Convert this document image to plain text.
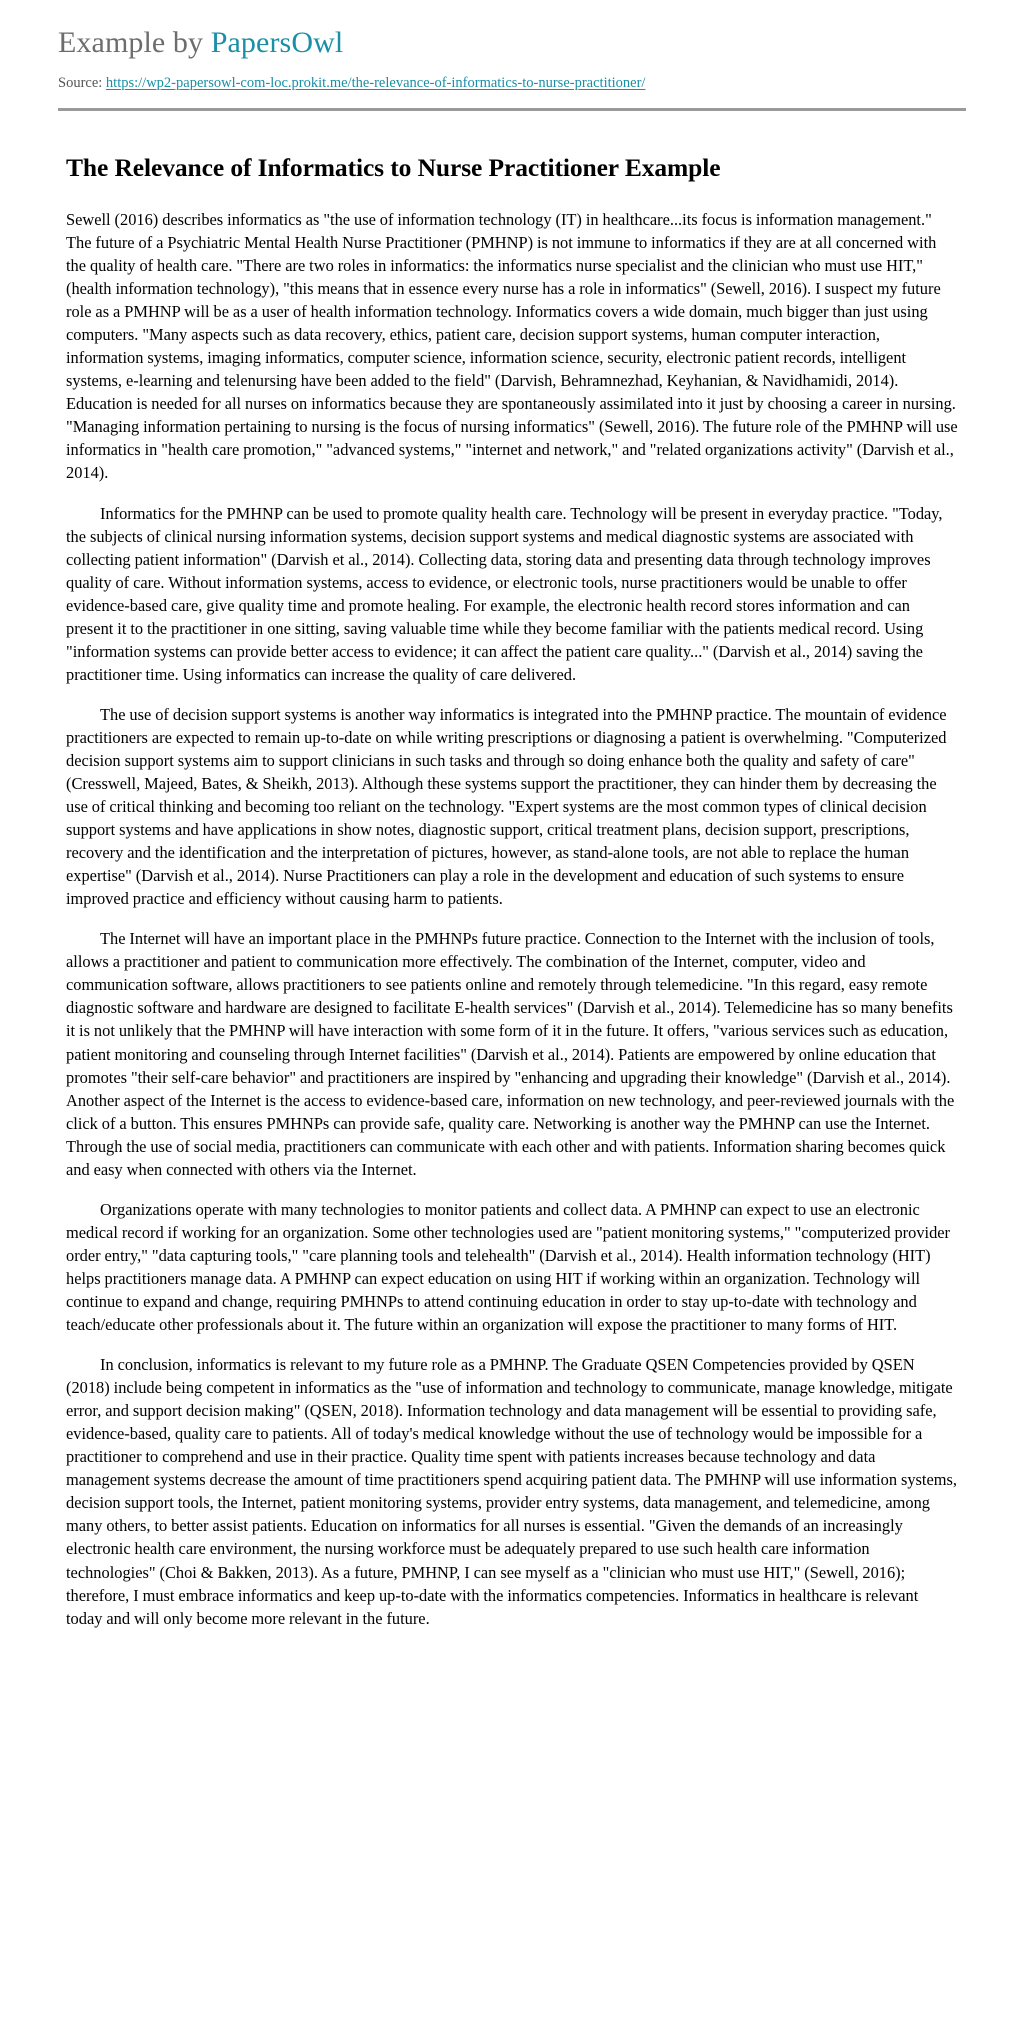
Example by PapersOwl
Source: https://wp2-papersowl-com-loc.prokit.me/the-relevance-of-informatics-to-nurse-practitioner/
The Relevance of Informatics to Nurse Practitioner Example

Sewell (2016) describes informatics as "the use of information technology (IT) in healthcare...its focus is information management." The future of a Psychiatric Mental Health Nurse Practitioner (PMHNP) is not immune to informatics if they are at all concerned with the quality of health care. "There are two roles in informatics: the informatics nurse specialist and the clinician who must use HIT," (health information technology), "this means that in essence every nurse has a role in informatics" (Sewell, 2016). I suspect my future role as a PMHNP will be as a user of health information technology. Informatics covers a wide domain, much bigger than just using computers. "Many aspects such as data recovery, ethics, patient care, decision support systems, human computer interaction, information systems, imaging informatics, computer science, information science, security, electronic patient records, intelligent systems, e-learning and telenursing have been added to the field" (Darvish, Behramnezhad, Keyhanian, & Navidhamidi, 2014). Education is needed for all nurses on informatics because they are spontaneously assimilated into it just by choosing a career in nursing. "Managing information pertaining to nursing is the focus of nursing informatics" (Sewell, 2016). The future role of the PMHNP will use informatics in "health care promotion," "advanced systems," "internet and network," and "related organizations activity" (Darvish et al., 2014).

Informatics for the PMHNP can be used to promote quality health care. Technology will be present in everyday practice. "Today, the subjects of clinical nursing information systems, decision support systems and medical diagnostic systems are associated with collecting patient information" (Darvish et al., 2014). Collecting data, storing data and presenting data through technology improves quality of care. Without information systems, access to evidence, or electronic tools, nurse practitioners would be unable to offer evidence-based care, give quality time and promote healing. For example, the electronic health record stores information and can present it to the practitioner in one sitting, saving valuable time while they become familiar with the patients medical record. Using "information systems can provide better access to evidence; it can affect the patient care quality..." (Darvish et al., 2014) saving the practitioner time. Using informatics can increase the quality of care delivered.

The use of decision support systems is another way informatics is integrated into the PMHNP practice. The mountain of evidence practitioners are expected to remain up-to-date on while writing prescriptions or diagnosing a patient is overwhelming. "Computerized decision support systems aim to support clinicians in such tasks and through so doing enhance both the quality and safety of care" (Cresswell, Majeed, Bates, & Sheikh, 2013). Although these systems support the practitioner, they can hinder them by decreasing the use of critical thinking and becoming too reliant on the technology. "Expert systems are the most common types of clinical decision support systems and have applications in show notes, diagnostic support, critical treatment plans, decision support, prescriptions, recovery and the identification and the interpretation of pictures, however, as stand-alone tools, are not able to replace the human expertise" (Darvish et al., 2014). Nurse Practitioners can play a role in the development and education of such systems to ensure improved practice and efficiency without causing harm to patients.

The Internet will have an important place in the PMHNPs future practice. Connection to the Internet with the inclusion of tools, allows a practitioner and patient to communication more effectively. The combination of the Internet, computer, video and communication software, allows practitioners to see patients online and remotely through telemedicine. "In this regard, easy remote diagnostic software and hardware are designed to facilitate E-health services" (Darvish et al., 2014). Telemedicine has so many benefits it is not unlikely that the PMHNP will have interaction with some form of it in the future. It offers, "various services such as education, patient monitoring and counseling through Internet facilities" (Darvish et al., 2014). Patients are empowered by online education that promotes "their self-care behavior" and practitioners are inspired by "enhancing and upgrading their knowledge" (Darvish et al., 2014). Another aspect of the Internet is the access to evidence-based care, information on new technology, and peer-reviewed journals with the click of a button. This ensures PMHNPs can provide safe, quality care. Networking is another way the PMHNP can use the Internet. Through the use of social media, practitioners can communicate with each other and with patients. Information sharing becomes quick and easy when connected with others via the Internet.

Organizations operate with many technologies to monitor patients and collect data. A PMHNP can expect to use an electronic medical record if working for an organization. Some other technologies used are "patient monitoring systems," "computerized provider order entry," "data capturing tools," "care planning tools and telehealth" (Darvish et al., 2014). Health information technology (HIT) helps practitioners manage data. A PMHNP can expect education on using HIT if working within an organization. Technology will continue to expand and change, requiring PMHNPs to attend continuing education in order to stay up-to-date with technology and teach/educate other professionals about it. The future within an organization will expose the practitioner to many forms of HIT.

In conclusion, informatics is relevant to my future role as a PMHNP. The Graduate QSEN Competencies provided by QSEN (2018) include being competent in informatics as the "use of information and technology to communicate, manage knowledge, mitigate error, and support decision making" (QSEN, 2018). Information technology and data management will be essential to providing safe, evidence-based, quality care to patients. All of today's medical knowledge without the use of technology would be impossible for a practitioner to comprehend and use in their practice. Quality time spent with patients increases because technology and data management systems decrease the amount of time practitioners spend acquiring patient data. The PMHNP will use information systems, decision support tools, the Internet, patient monitoring systems, provider entry systems, data management, and telemedicine, among many others, to better assist patients. Education on informatics for all nurses is essential. "Given the demands of an increasingly electronic health care environment, the nursing workforce must be adequately prepared to use such health care information technologies" (Choi & Bakken, 2013). As a future, PMHNP, I can see myself as a "clinician who must use HIT," (Sewell, 2016); therefore, I must embrace informatics and keep up-to-date with the informatics competencies. Informatics in healthcare is relevant today and will only become more relevant in the future.
